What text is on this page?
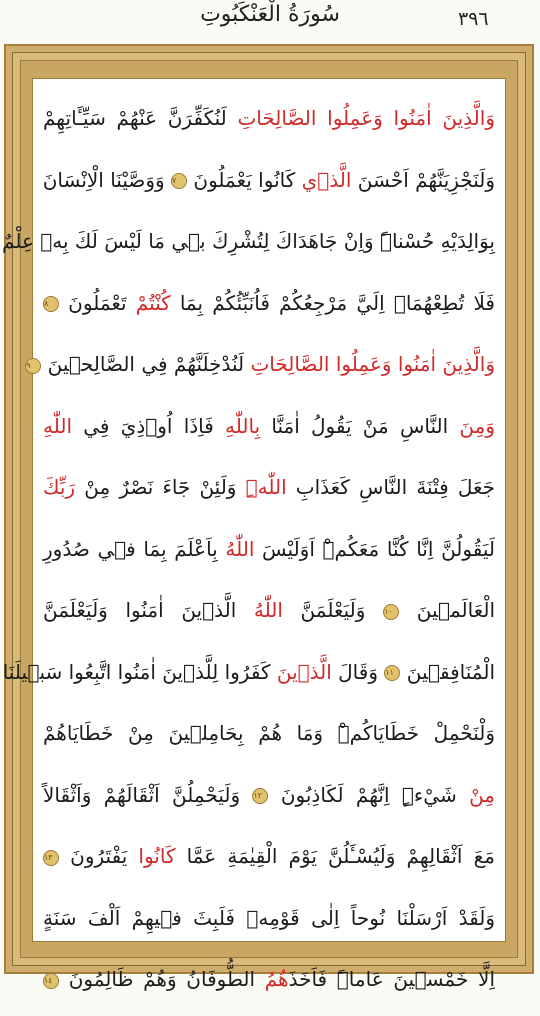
سُورَةُ الْعَنْكَبُوتِ	٣٩٦
وَالَّذِينَ اٰمَنُوا وَعَمِلُوا الصَّالِحَاتِ لَنُكَفِّرَنَّ عَنْهُمْ سَيِّـَٔاتِهِمْ
وَلَنَجْزِيَنَّهُمْ اَحْسَنَ الَّذ۪ي كَانُوا يَعْمَلُونَ ٧ وَوَصَّيْنَا الْاِنْسَانَ
بِوَالِدَيْهِ حُسْناًۜ وَاِنْ جَاهَدَاكَ لِتُشْرِكَ ب۪ي مَا لَيْسَ لَكَ بِه۪ عِلْمٌ
فَلَا تُطِعْهُمَاۜ اِلَيَّ مَرْجِعُكُمْ فَاُنَبِّئُكُمْ بِمَا كُنْتُمْ تَعْمَلُونَ ٨
وَالَّذِينَ اٰمَنُوا وَعَمِلُوا الصَّالِحَاتِ لَنُدْخِلَنَّهُمْ فِي الصَّالِح۪ينَ ٩
وَمِنَ النَّاسِ مَنْ يَقُولُ اٰمَنَّا بِاللّٰهِ فَاِذَا اُو۫ذِيَ فِي اللّٰهِ
جَعَلَ فِتْنَةَ النَّاسِ كَعَذَابِ اللّٰهِۜ وَلَئِنْ جَٓاءَ نَصْرٌ مِنْ رَبِّكَ
لَيَقُولُنَّ اِنَّا كُنَّا مَعَكُمْۜ اَوَلَيْسَ اللّٰهُ بِاَعْلَمَ بِمَا ف۪ي صُدُورِ
الْعَالَم۪ينَ ١٠ وَلَيَعْلَمَنَّ اللّٰهُ الَّذ۪ينَ اٰمَنُوا وَلَيَعْلَمَنَّ
الْمُنَافِق۪ينَ ١١ وَقَالَ الَّذ۪ينَ كَفَرُوا لِلَّذ۪ينَ اٰمَنُوا اتَّبِعُوا سَب۪يلَنَا
وَلْنَحْمِلْ خَطَايَاكُمْۜ وَمَا هُمْ بِحَامِل۪ينَ مِنْ خَطَايَاهُمْ
مِنْ شَيْءٍۜ اِنَّهُمْ لَكَاذِبُونَ ١٢ وَلَيَحْمِلُنَّ اَثْقَالَهُمْ وَاَثْقَالاً
مَعَ اَثْقَالِهِمْ وَلَيُسْـَٔلُنَّ يَوْمَ الْقِيٰمَةِ عَمَّا كَانُوا يَفْتَرُونَ ١٣
وَلَقَدْ اَرْسَلْنَا نُوحاً اِلٰى قَوْمِه۪ فَلَبِثَ ف۪يهِمْ اَلْفَ سَنَةٍ
اِلَّا خَمْس۪ينَ عَاماًۜ فَاَخَذَهُمُ الطُّوفَانُ وَهُمْ ظَالِمُونَ ١٤
